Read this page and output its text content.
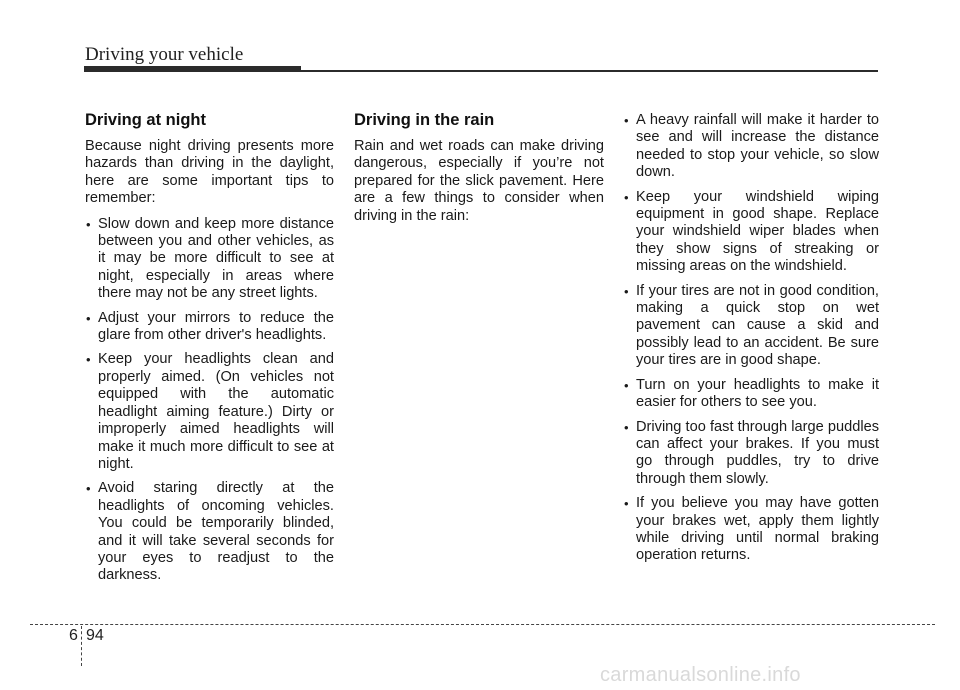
Driving your vehicle
Driving at night

Because night driving presents more hazards than driving in the daylight, here are some important tips to remember:

• Slow down and keep more distance between you and other vehicles, as it may be more difficult to see at night, especially in areas where there may not be any street lights.
• Adjust your mirrors to reduce the glare from other driver's headlights.
• Keep your headlights clean and properly aimed. (On vehicles not equipped with the automatic headlight aiming feature.) Dirty or improperly aimed headlights will make it much more difficult to see at night.
• Avoid staring directly at the headlights of oncoming vehicles. You could be temporarily blinded, and it will take several seconds for your eyes to readjust to the darkness.
Driving in the rain

Rain and wet roads can make driving dangerous, especially if you’re not prepared for the slick pavement. Here are a few things to consider when driving in the rain:

• A heavy rainfall will make it harder to see and will increase the distance needed to stop your vehicle, so slow down.
• Keep your windshield wiping equipment in good shape. Replace your windshield wiper blades when they show signs of streaking or missing areas on the windshield.
• If your tires are not in good condition, making a quick stop on wet pavement can cause a skid and possibly lead to an accident. Be sure your tires are in good shape.
• Turn on your headlights to make it easier for others to see you.
• Driving too fast through large puddles can affect your brakes. If you must go through puddles, try to drive through them slowly.
• If you believe you may have gotten your brakes wet, apply them lightly while driving until normal braking operation returns.
6 94
carmanualsonline.info
